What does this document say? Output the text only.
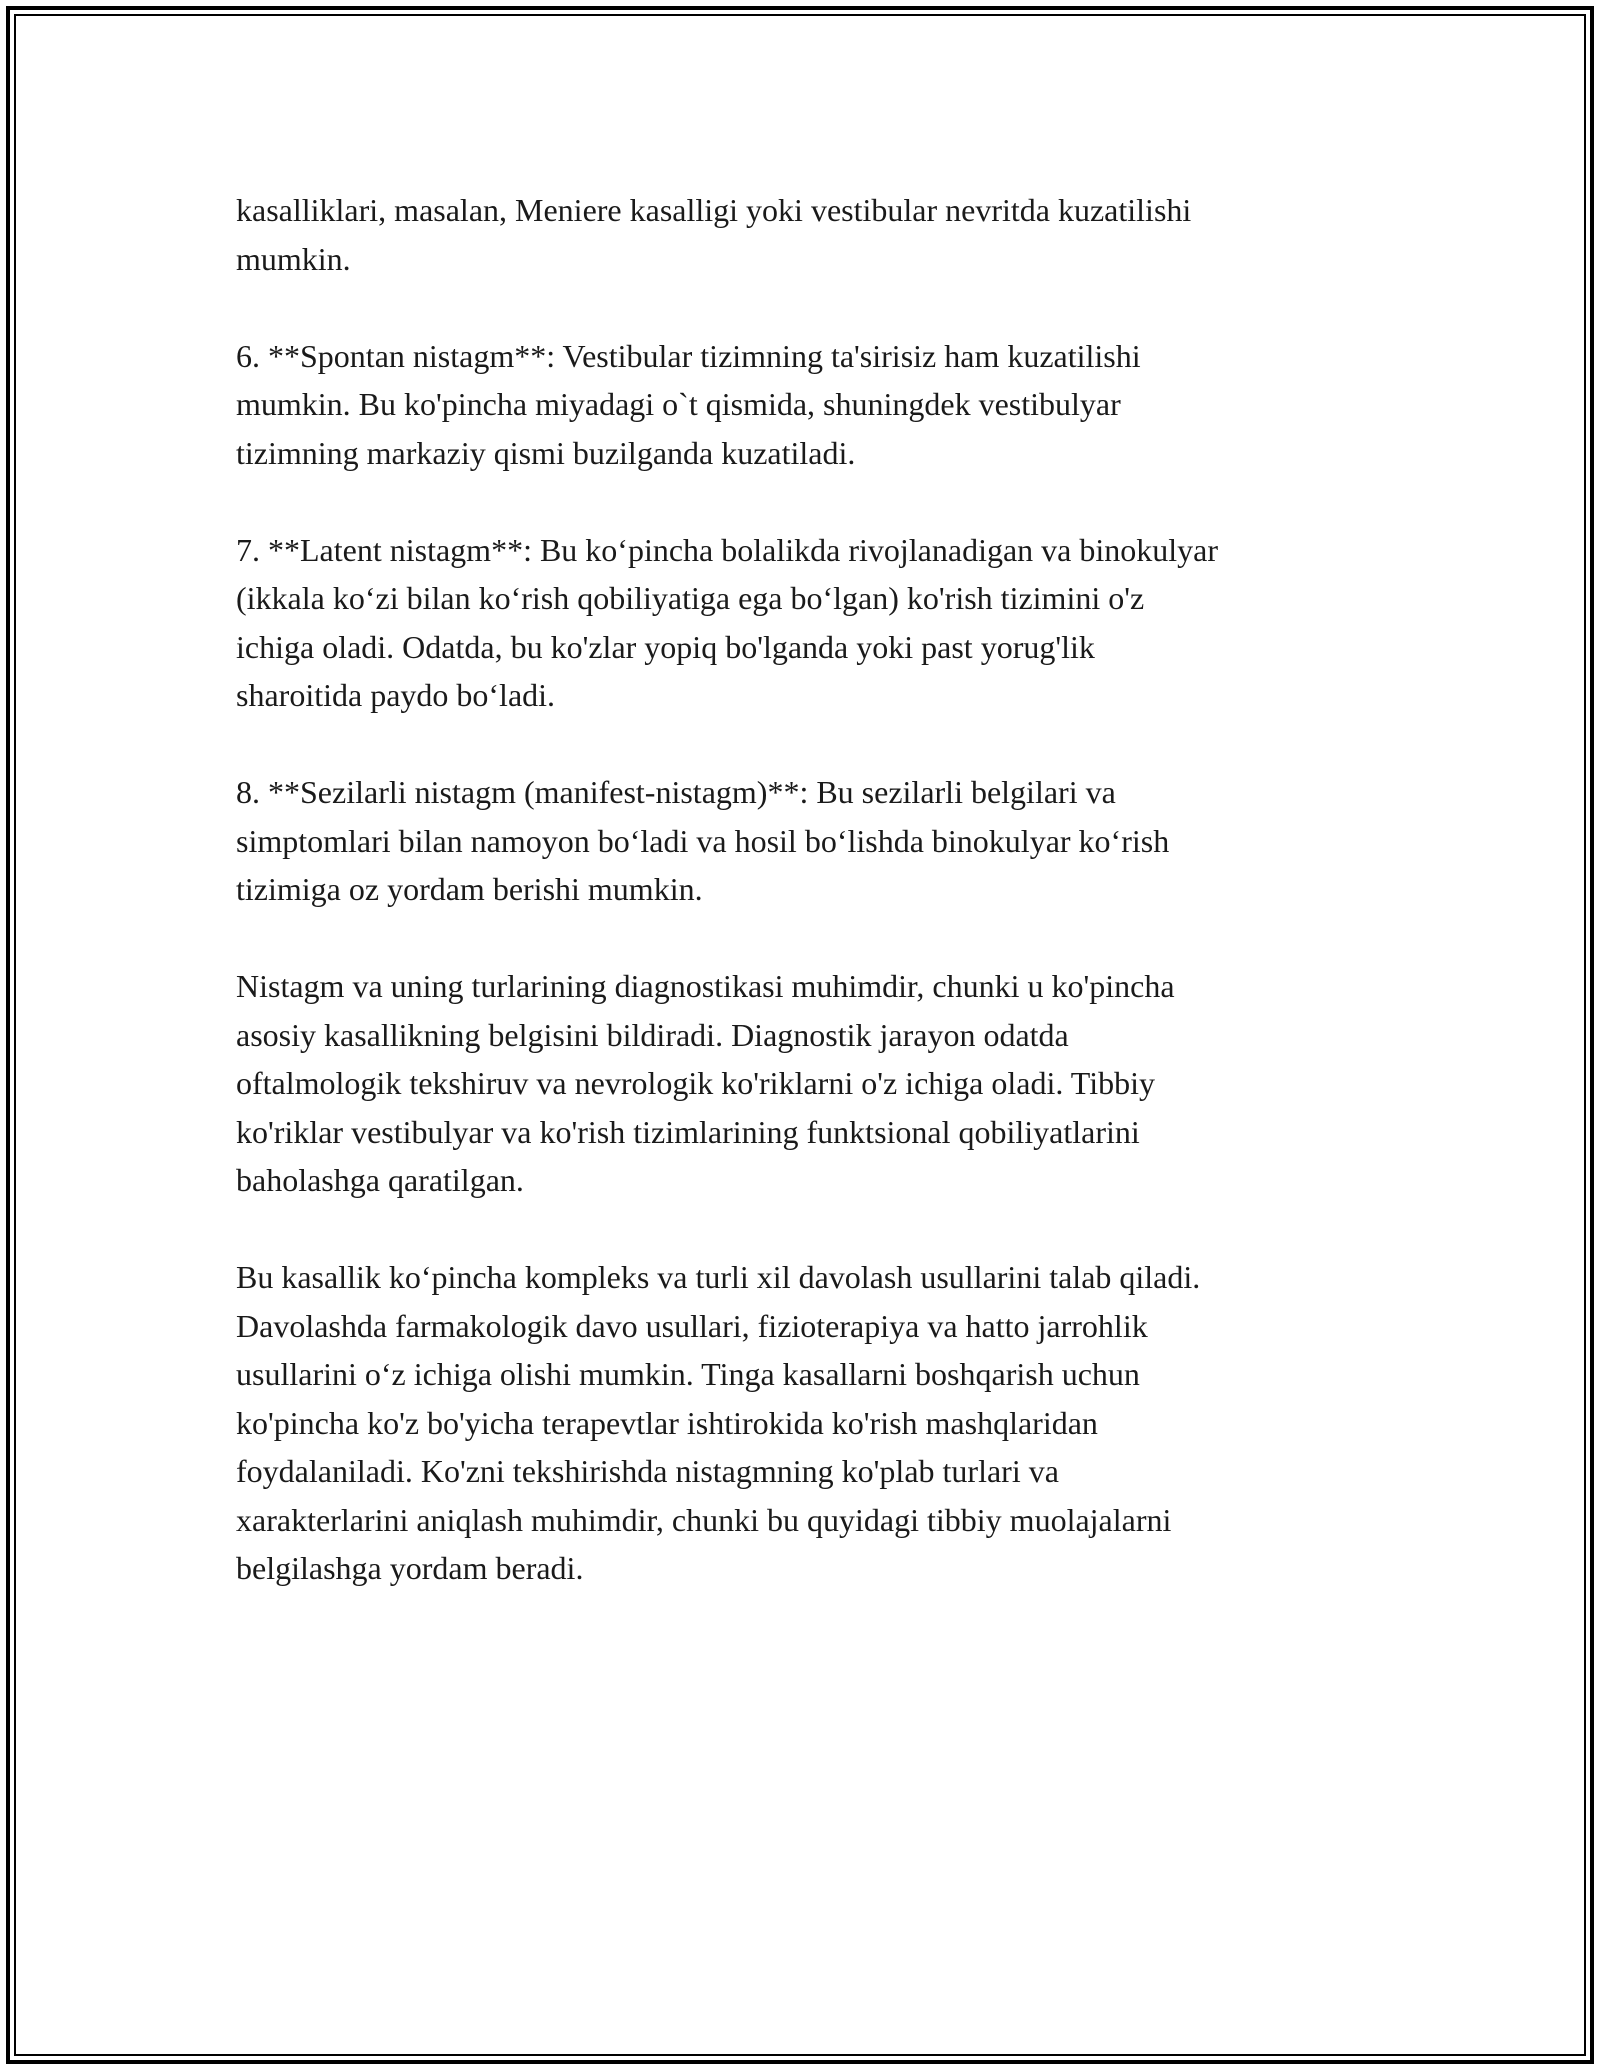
kasalliklari, masalan, Meniere kasalligi yoki vestibular nevritda kuzatilishi
mumkin.

6. **Spontan nistagm**: Vestibular tizimning ta'sirisiz ham kuzatilishi
mumkin. Bu ko'pincha miyadagi o`t qismida, shuningdek vestibulyar
tizimning markaziy qismi buzilganda kuzatiladi.

7. **Latent nistagm**: Bu ko‘pincha bolalikda rivojlanadigan va binokulyar
(ikkala ko‘zi bilan ko‘rish qobiliyatiga ega bo‘lgan) ko'rish tizimini o'z
ichiga oladi. Odatda, bu ko'zlar yopiq bo'lganda yoki past yorug'lik
sharoitida paydo bo‘ladi.

8. **Sezilarli nistagm (manifest-nistagm)**: Bu sezilarli belgilari va
simptomlari bilan namoyon bo‘ladi va hosil bo‘lishda binokulyar ko‘rish
tizimiga oz yordam berishi mumkin.

Nistagm va uning turlarining diagnostikasi muhimdir, chunki u ko'pincha
asosiy kasallikning belgisini bildiradi. Diagnostik jarayon odatda
oftalmologik tekshiruv va nevrologik ko'riklarni o'z ichiga oladi. Tibbiy
ko'riklar vestibulyar va ko'rish tizimlarining funktsional qobiliyatlarini
baholashga qaratilgan.

Bu kasallik ko‘pincha kompleks va turli xil davolash usullarini talab qiladi.
Davolashda farmakologik davo usullari, fizioterapiya va hatto jarrohlik
usullarini o‘z ichiga olishi mumkin. Tinga kasallarni boshqarish uchun
ko'pincha ko'z bo'yicha terapevtlar ishtirokida ko'rish mashqlaridan
foydalaniladi. Ko'zni tekshirishda nistagmning ko'plab turlari va
xarakterlarini aniqlash muhimdir, chunki bu quyidagi tibbiy muolajalarni
belgilashga yordam beradi.
